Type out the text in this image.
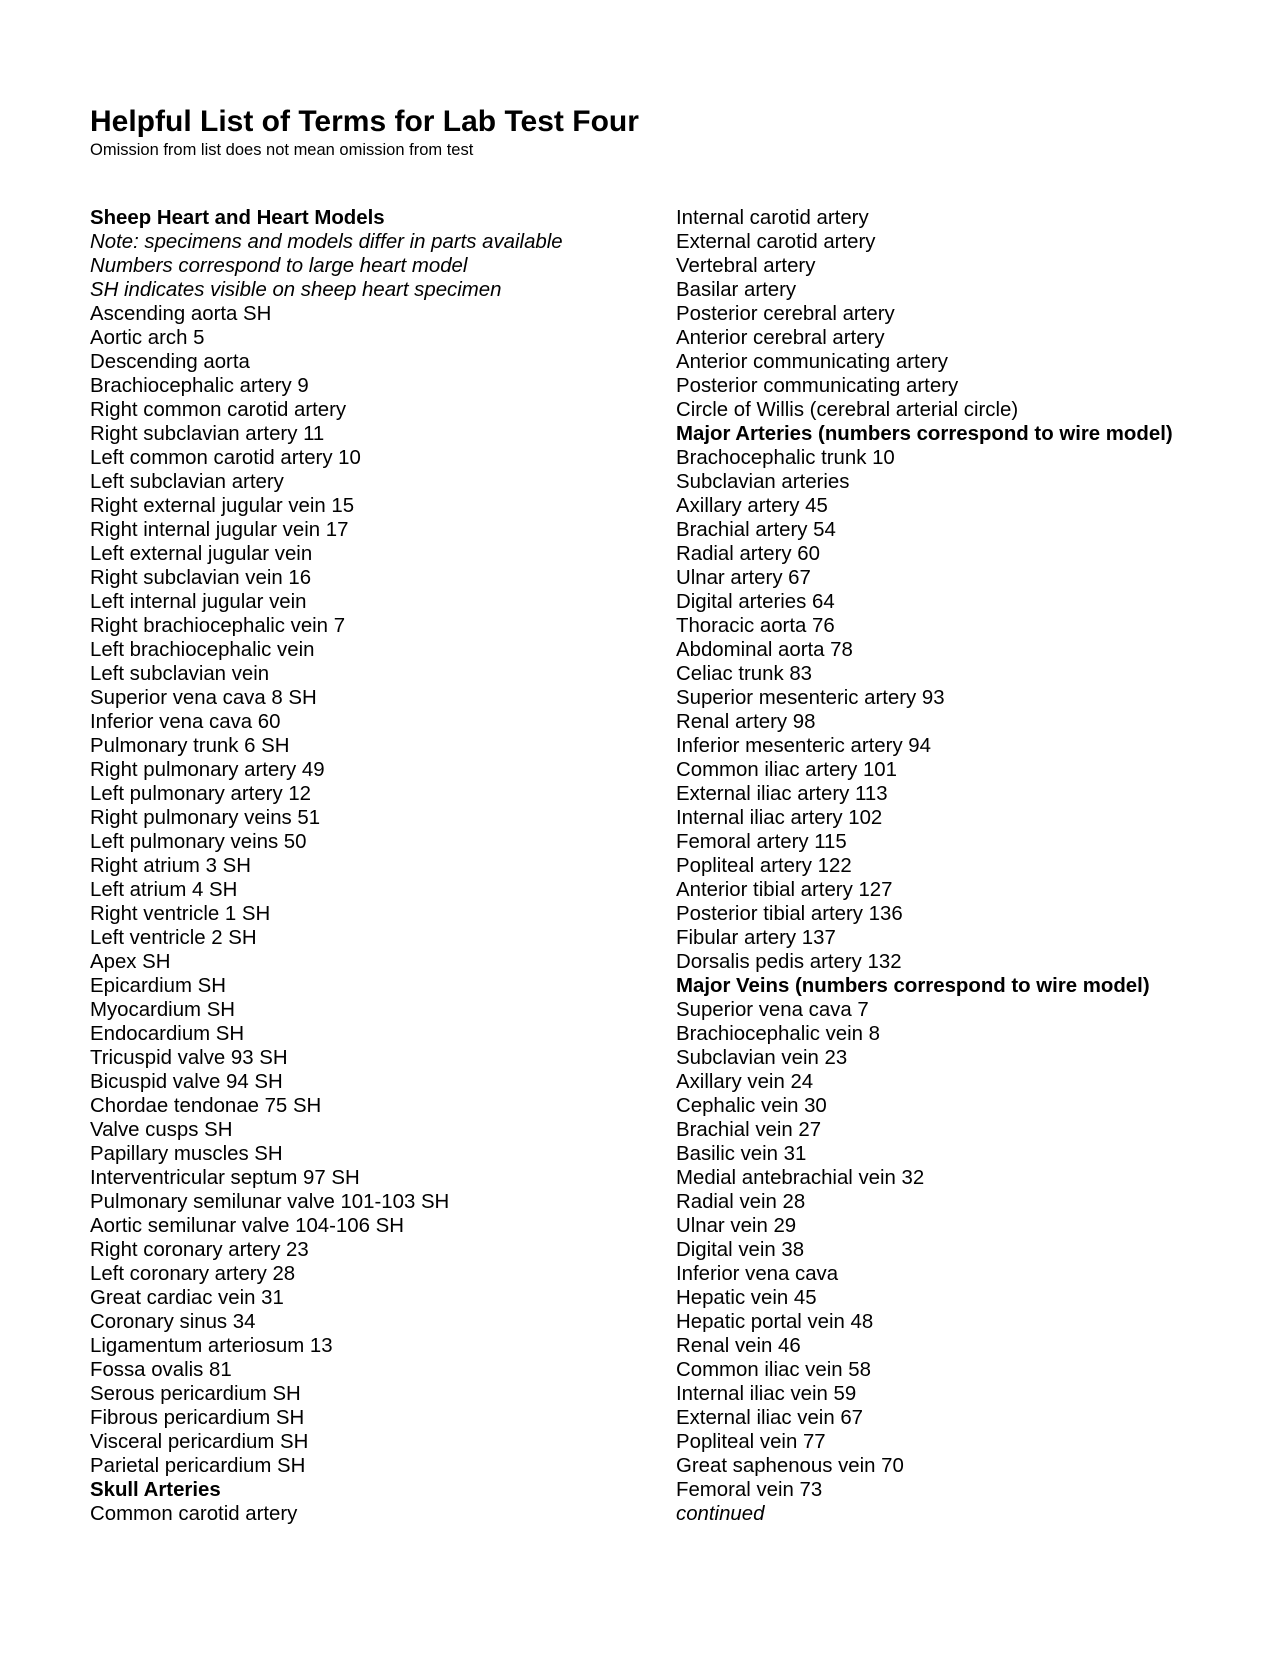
Helpful List of Terms for Lab Test Four

Omission from list does not mean omission from test

Sheep Heart and Heart Models
Note: specimens and models differ in parts available
Numbers correspond to large heart model
SH indicates visible on sheep heart specimen
Ascending aorta SH
Aortic arch 5
Descending aorta
Brachiocephalic artery 9
Right common carotid artery
Right subclavian artery 11
Left common carotid artery 10
Left subclavian artery
Right external jugular vein 15
Right internal jugular vein 17
Left external jugular vein
Right subclavian vein 16
Left internal jugular vein
Right brachiocephalic vein 7
Left brachiocephalic vein
Left subclavian vein
Superior vena cava 8 SH
Inferior vena cava 60
Pulmonary trunk 6 SH
Right pulmonary artery 49
Left pulmonary artery 12
Right pulmonary veins 51
Left pulmonary veins 50
Right atrium 3 SH
Left atrium 4 SH
Right ventricle 1 SH
Left ventricle 2 SH
Apex SH
Epicardium SH
Myocardium SH
Endocardium SH
Tricuspid valve 93 SH
Bicuspid valve 94 SH
Chordae tendonae 75 SH
Valve cusps SH
Papillary muscles SH
Interventricular septum 97 SH
Pulmonary semilunar valve 101-103 SH
Aortic semilunar valve 104-106 SH
Right coronary artery 23
Left coronary artery 28
Great cardiac vein 31
Coronary sinus 34
Ligamentum arteriosum 13
Fossa ovalis 81
Serous pericardium SH
Fibrous pericardium SH
Visceral pericardium SH
Parietal pericardium SH
Skull Arteries
Common carotid artery
Internal carotid artery
External carotid artery
Vertebral artery
Basilar artery
Posterior cerebral artery
Anterior cerebral artery
Anterior communicating artery
Posterior communicating artery
Circle of Willis (cerebral arterial circle)
Major Arteries (numbers correspond to wire model)
Brachocephalic trunk 10
Subclavian arteries
Axillary artery 45
Brachial artery 54
Radial artery 60
Ulnar artery 67
Digital arteries 64
Thoracic aorta 76
Abdominal aorta 78
Celiac trunk 83
Superior mesenteric artery 93
Renal artery 98
Inferior mesenteric artery 94
Common iliac artery 101
External iliac artery 113
Internal iliac artery 102
Femoral artery 115
Popliteal artery 122
Anterior tibial artery 127
Posterior tibial artery 136
Fibular artery 137
Dorsalis pedis artery 132
Major Veins (numbers correspond to wire model)
Superior vena cava 7
Brachiocephalic vein 8
Subclavian vein 23
Axillary vein 24
Cephalic vein 30
Brachial vein 27
Basilic vein 31
Medial antebrachial vein 32
Radial vein 28
Ulnar vein 29
Digital vein 38
Inferior vena cava
Hepatic vein 45
Hepatic portal vein 48
Renal vein 46
Common iliac vein 58
Internal iliac vein 59
External iliac vein 67
Popliteal vein 77
Great saphenous vein 70
Femoral vein 73
continued
